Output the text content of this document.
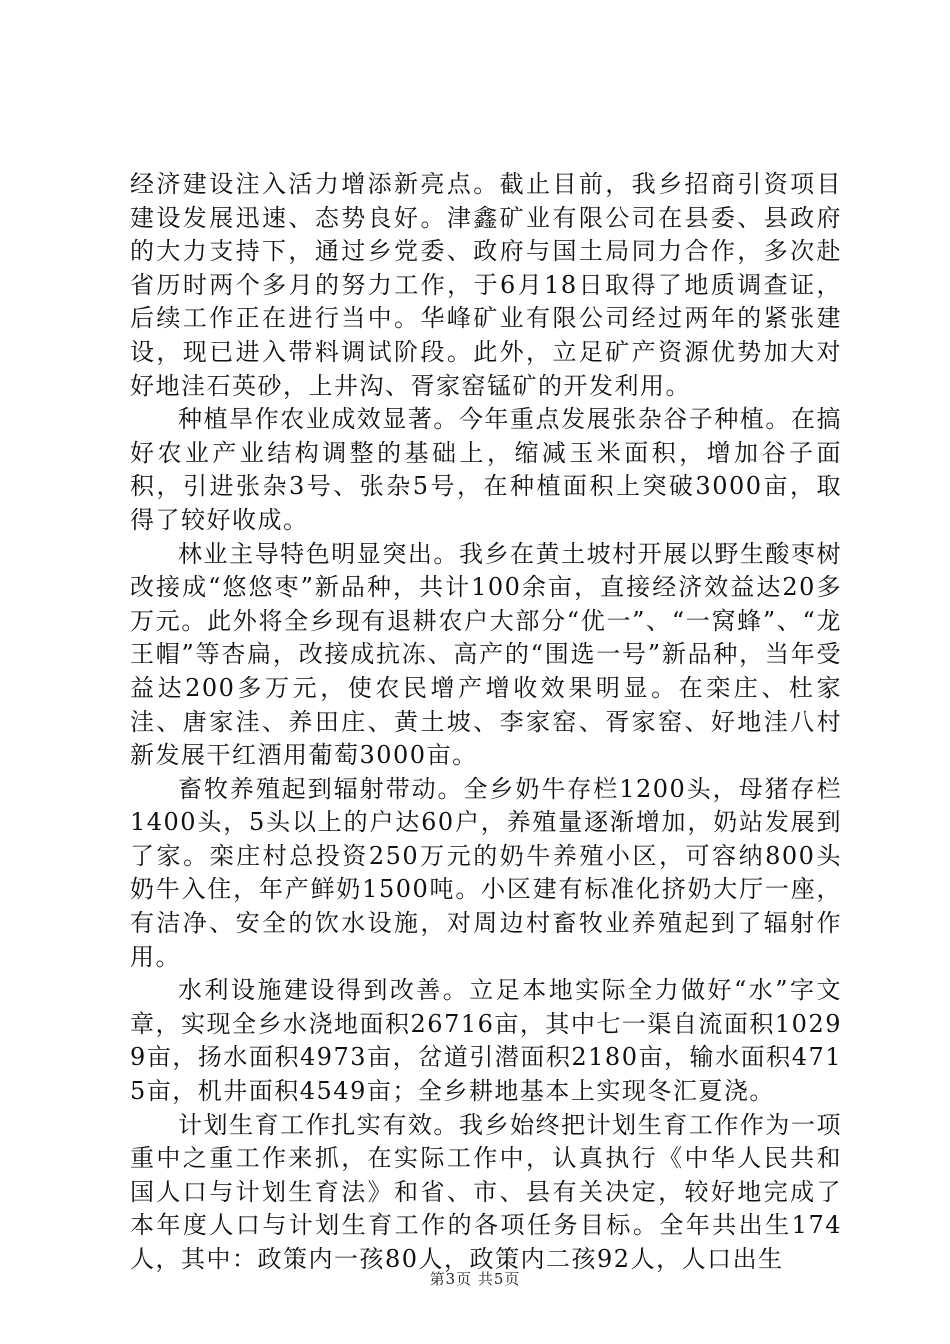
经济建设注入活力增添新亮点。截止目前，我乡招商引资项目建设发展迅速、态势良好。津鑫矿业有限公司在县委、县政府的大力支持下，通过乡党委、政府与国土局同力合作，多次赴省历时两个多月的努力工作，于6月18日取得了地质调查证，后续工作正在进行当中。华峰矿业有限公司经过两年的紧张建设，现已进入带料调试阶段。此外，立足矿产资源优势加大对好地洼石英砂，上井沟、胥家窑锰矿的开发利用。

种植旱作农业成效显著。今年重点发展张杂谷子种植。在搞好农业产业结构调整的基础上，缩减玉米面积，增加谷子面积，引进张杂3号、张杂5号，在种植面积上突破3000亩，取得了较好收成。

林业主导特色明显突出。我乡在黄土坡村开展以野生酸枣树改接成“悠悠枣”新品种，共计100余亩，直接经济效益达20多万元。此外将全乡现有退耕农户大部分“优一”、“一窝蜂”、“龙王帽”等杏扁，改接成抗冻、高产的“围选一号”新品种，当年受益达200多万元，使农民增产增收效果明显。在栾庄、杜家洼、唐家洼、养田庄、黄土坡、李家窑、胥家窑、好地洼八村新发展干红酒用葡萄3000亩。

畜牧养殖起到辐射带动。全乡奶牛存栏1200头，母猪存栏1400头，5头以上的户达60户，养殖量逐渐增加，奶站发展到了家。栾庄村总投资250万元的奶牛养殖小区，可容纳800头奶牛入住，年产鲜奶1500吨。小区建有标准化挤奶大厅一座，有洁净、安全的饮水设施，对周边村畜牧业养殖起到了辐射作用。

水利设施建设得到改善。立足本地实际全力做好“水”字文章，实现全乡水浇地面积26716亩，其中七一渠自流面积10299亩，扬水面积4973亩，岔道引潜面积2180亩，输水面积4715亩，机井面积4549亩；全乡耕地基本上实现冬汇夏浇。

计划生育工作扎实有效。我乡始终把计划生育工作作为一项重中之重工作来抓，在实际工作中，认真执行《中华人民共和国人口与计划生育法》和省、市、县有关决定，较好地完成了本年度人口与计划生育工作的各项任务目标。全年共出生174人，其中：政策内一孩80人，政策内二孩92人，人口出生

第3页 共5页
